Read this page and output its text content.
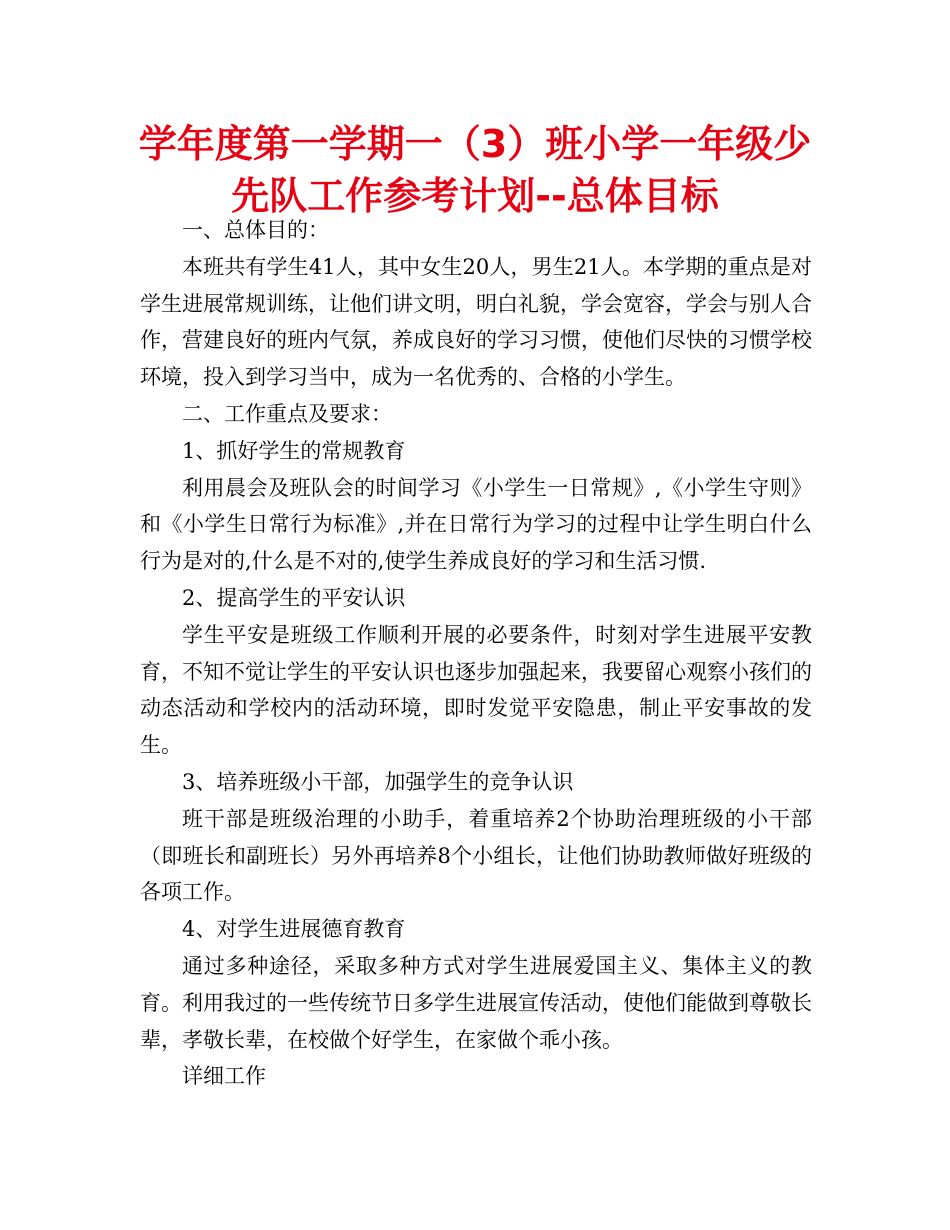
学年度第一学期一（3）班小学一年级少先队工作参考计划--总体目标

一、总体目的：

本班共有学生41人，其中女生20人，男生21人。本学期的重点是对学生进展常规训练，让他们讲文明，明白礼貌，学会宽容，学会与别人合作，营建良好的班内气氛，养成良好的学习习惯，使他们尽快的习惯学校环境，投入到学习当中，成为一名优秀的、合格的小学生。

二、工作重点及要求：

1、抓好学生的常规教育

利用晨会及班队会的时间学习《小学生一日常规》,《小学生守则》和《小学生日常行为标准》,并在日常行为学习的过程中让学生明白什么行为是对的,什么是不对的,使学生养成良好的学习和生活习惯.

2、提高学生的平安认识

学生平安是班级工作顺利开展的必要条件，时刻对学生进展平安教育，不知不觉让学生的平安认识也逐步加强起来，我要留心观察小孩们的动态活动和学校内的活动环境，即时发觉平安隐患，制止平安事故的发生。

3、培养班级小干部，加强学生的竞争认识

班干部是班级治理的小助手，着重培养2个协助治理班级的小干部（即班长和副班长）另外再培养8个小组长，让他们协助教师做好班级的各项工作。

4、对学生进展德育教育

通过多种途径，采取多种方式对学生进展爱国主义、集体主义的教育。利用我过的一些传统节日多学生进展宣传活动，使他们能做到尊敬长辈，孝敬长辈，在校做个好学生，在家做个乖小孩。

详细工作
